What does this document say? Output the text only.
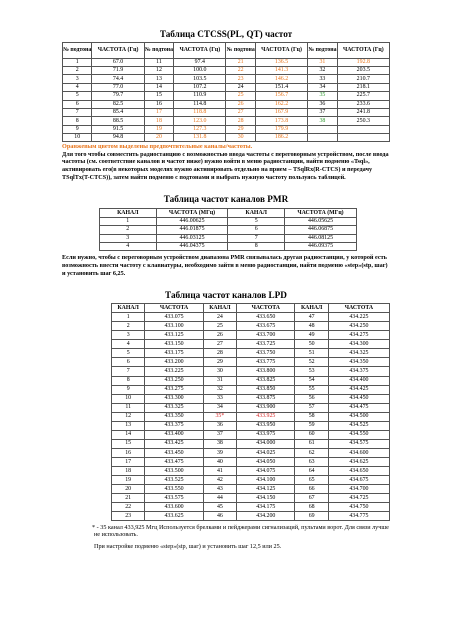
Таблица CTCSS(PL, QT) частот
№ подтона	ЧАСТОТА (Гц)	№ подтона	ЧАСТОТА (Гц)	№ подтона	ЧАСТОТА (Гц)	№ подтона	ЧАСТОТА (Гц)
1	67.0	11	97.4	21	136.5	31	192.8
2	71.9	12	100.0	22	141.3	32	203.5
3	74.4	13	103.5	23	146.2	33	210.7
4	77.0	14	107.2	24	151.4	34	218.1
5	79.7	15	110.9	25	156.7	35	225.7
6	82.5	16	114.8	26	162.2	36	233.6
7	85.4	17	118.8	27	167.9	37	241.8
8	88.5	18	123.0	28	173.8	38	250.3
9	91.5	19	127.3	29	179.9		
10	94.8	20	131.8	30	186.2		
Оранжевым цветом выделены предпочтительные каналы/частоты.
Для того чтобы совместить радиостанцию с возможностью ввода частоты с переговорным устройством, после ввода частоты (см. соответствие каналов и частот ниже) нужно войти в меню радиостанции, найти подменю «Tsql», активировать его(в некоторых моделях нужно активировать отдельно на прием – TSqlRx(R-CTCS) и передачу TSqlTx(T-CTCS)), затем найти подменю с подтонами и выбрать нужную частоту пользуясь таблицей.
Таблица частот каналов PMR
КАНАЛ	ЧАСТОТА (МГц)	КАНАЛ	ЧАСТОТА (МГц)
1	446.00625	5	446.05625
2	446.01875	6	446.06875
3	446.03125	7	446.08125
4	446.04375	8	446.09375
Если нужно, чтобы с переговорным устройством диапазона PMR связывалась другая радиостанция, у которой есть возможность ввести частоту с клавиатуры, необходимо зайти в меню радиостанции, найти подменю «step»(stp, шаг) и установить шаг 6,25.
Таблица частот каналов LPD
КАНАЛ	ЧАСТОТА	КАНАЛ	ЧАСТОТА	КАНАЛ	ЧАСТОТА
1	433.075	24	433.650	47	434.225
2	433.100	25	433.675	48	434.250
3	433.125	26	433.700	49	434.275
4	433.150	27	433.725	50	434.300
5	433.175	28	433.750	51	434.325
6	433.200	29	433.775	52	434.350
7	433.225	30	433.800	53	434.375
8	433.250	31	433.825	54	434.400
9	433.275	32	433.850	55	434.425
10	433.300	33	433.875	56	434.450
11	433.325	34	433.900	57	434.475
12	433.350	35*	433.925	58	434.500
13	433.375	36	433.950	59	434.525
14	433.400	37	433.975	60	434.550
15	433.425	38	434.000	61	434.575
16	433.450	39	434.025	62	434.600
17	433.475	40	434.050	63	434.625
18	433.500	41	434.075	64	434.650
19	433.525	42	434.100	65	434.675
20	433.550	43	434.125	66	434.700
21	433.575	44	434.150	67	434.725
22	433.600	45	434.175	68	434.750
23	433.625	46	434.200	69	434.775
* - 35 канал 433,925 Мгц Используется брелками и пейджерами сигнализаций, пультами ворот. Для связи лучше не использовать.
При настройке подменю «step»(stp, шаг) и установить шаг 12,5 или 25.
